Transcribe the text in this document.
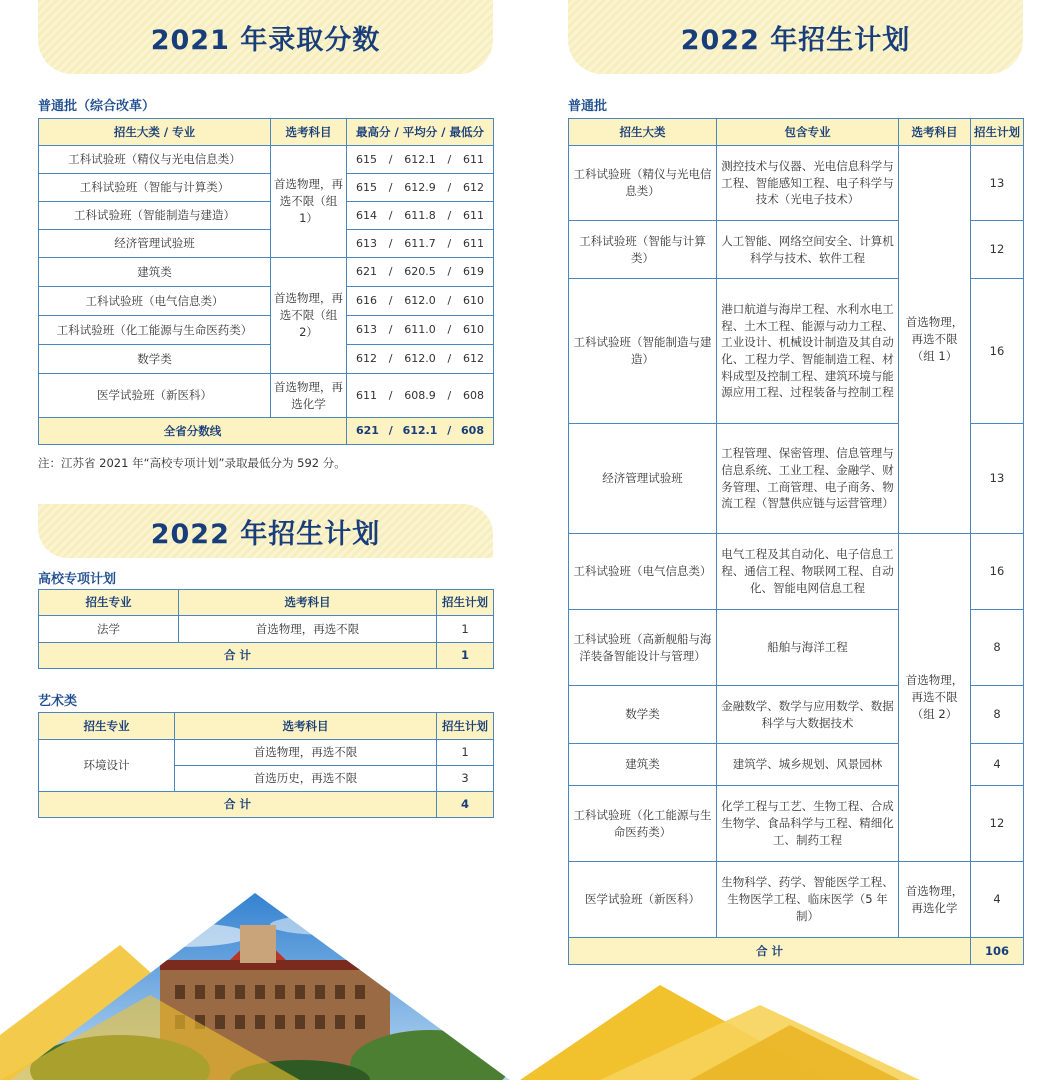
2021 年录取分数
普通批（综合改革）
招生大类 / 专业	选考科目	最高分 / 平均分 / 最低分
工科试验班（精仪与光电信息类）	首选物理，再选不限（组 1）	615 / 612.1 / 611

工科试验班（智能与计算类）		615 / 612.9 / 612

工科试验班（智能制造与建造）		614 / 611.8 / 611

经济管理试验班		613 / 611.7 / 611

建筑类	首选物理，再选不限（组 2）	621 / 620.5 / 619

工科试验班（电气信息类）		616 / 612.0 / 610

工科试验班（化工能源与生命医药类）		613 / 611.0 / 610

数学类		612 / 612.0 / 612

医学试验班（新医科）	首选物理，再选化学	611 / 608.9 / 608

全省分数线		621 / 612.1 / 608
注：江苏省 2021 年“高校专项计划”录取最低分为 592 分。
2022 年招生计划
高校专项计划
招生专业	选考科目	招生计划
法学	首选物理，再选不限	1
合 计		1
艺术类
招生专业	选考科目	招生计划
环境设计	首选物理，再选不限	1
	首选历史，再选不限	3
合 计		4
2022 年招生计划
普通批
招生大类	包含专业	选考科目	招生计划
工科试验班（精仪与光电信息类）	测控技术与仪器、光电信息科学与工程、智能感知工程、电子科学与技术（光电子技术）	首选物理，再选不限（组 1）	13
工科试验班（智能与计算类）	人工智能、网络空间安全、计算机科学与技术、软件工程		12
工科试验班（智能制造与建造）	港口航道与海岸工程、水利水电工程、土木工程、能源与动力工程、工业设计、机械设计制造及其自动化、工程力学、智能制造工程、材料成型及控制工程、建筑环境与能源应用工程、过程装备与控制工程		16
经济管理试验班	工程管理、保密管理、信息管理与信息系统、工业工程、金融学、财务管理、工商管理、电子商务、物流工程（智慧供应链与运营管理）		13
工科试验班（电气信息类）	电气工程及其自动化、电子信息工程、通信工程、物联网工程、自动化、智能电网信息工程	首选物理，再选不限（组 2）	16
工科试验班（高新舰船与海洋装备智能设计与管理）	船舶与海洋工程		8
数学类	金融数学、数学与应用数学、数据科学与大数据技术		8
建筑类	建筑学、城乡规划、风景园林		4
工科试验班（化工能源与生命医药类）	化学工程与工艺、生物工程、合成生物学、食品科学与工程、精细化工、制药工程		12
医学试验班（新医科）	生物科学、药学、智能医学工程、生物医学工程、临床医学（5 年制）	首选物理，再选化学	4
合 计			106
